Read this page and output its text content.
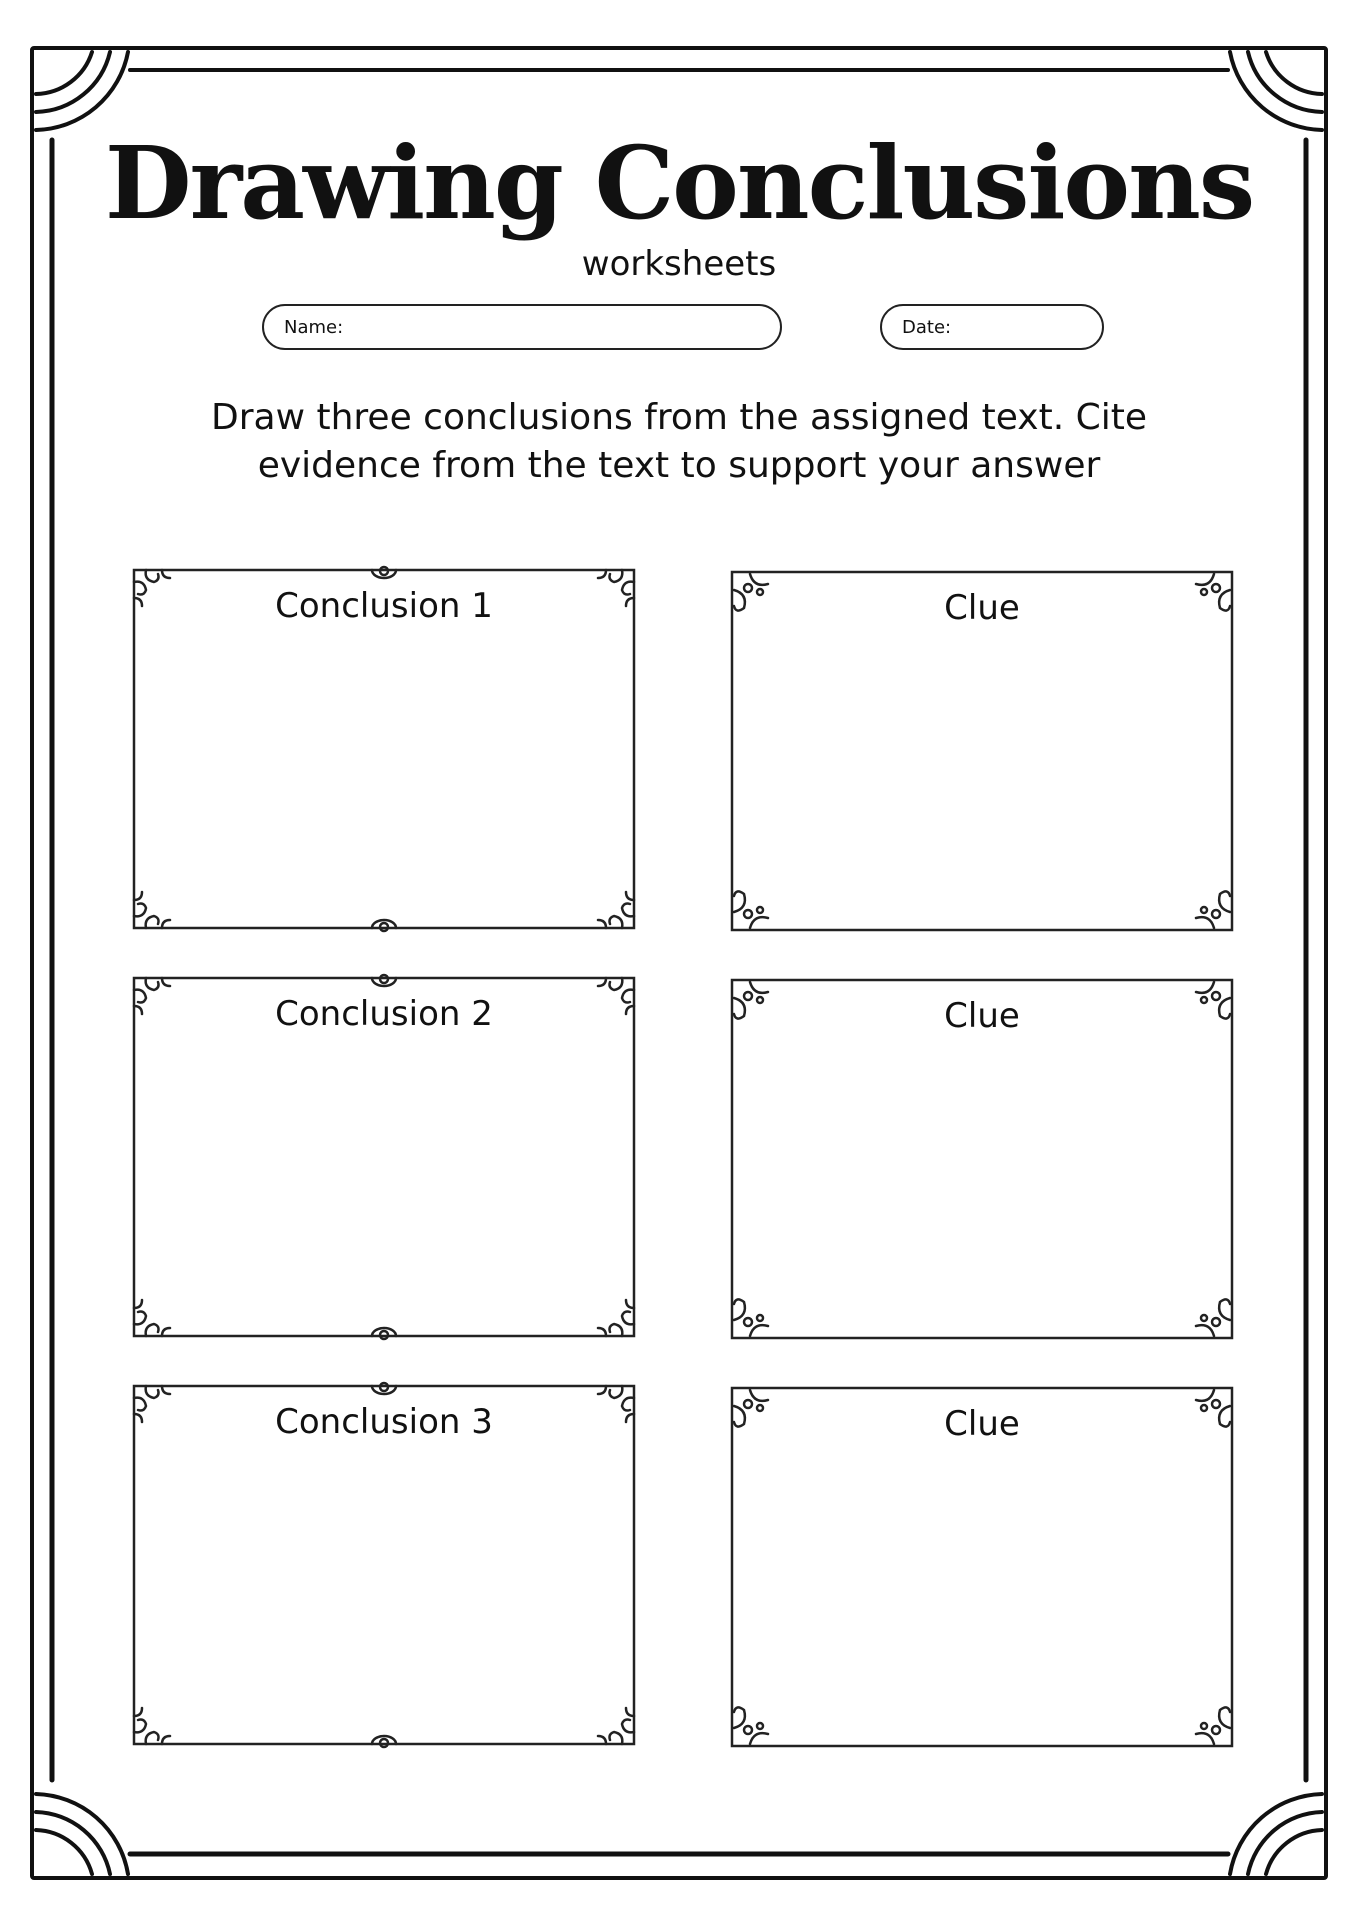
Drawing Conclusions
worksheets
Name:	Date:
Draw three conclusions from the assigned text. Cite evidence from the text to support your answer
Conclusion 1	Clue
Conclusion 2	Clue
Conclusion 3	Clue
